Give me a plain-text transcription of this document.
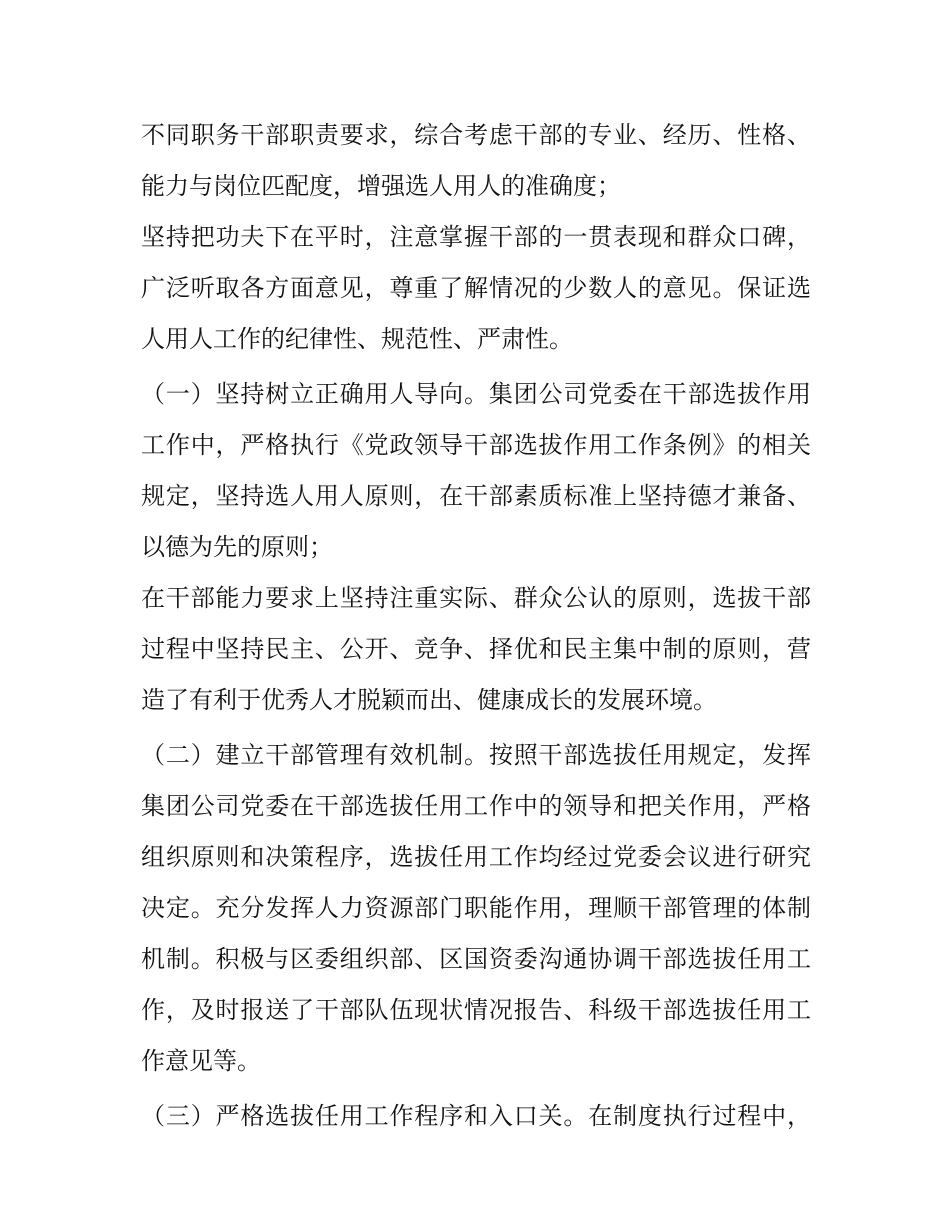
不同职务干部职责要求，综合考虑干部的专业、经历、性格、
能力与岗位匹配度，增强选人用人的准确度；
坚持把功夫下在平时，注意掌握干部的一贯表现和群众口碑，
广泛听取各方面意见，尊重了解情况的少数人的意见。保证选
人用人工作的纪律性、规范性、严肃性。
（一）坚持树立正确用人导向。集团公司党委在干部选拔作用
工作中，严格执行《党政领导干部选拔作用工作条例》的相关
规定，坚持选人用人原则，在干部素质标准上坚持德才兼备、
以德为先的原则；
在干部能力要求上坚持注重实际、群众公认的原则，选拔干部
过程中坚持民主、公开、竞争、择优和民主集中制的原则，营
造了有利于优秀人才脱颖而出、健康成长的发展环境。
（二）建立干部管理有效机制。按照干部选拔任用规定，发挥
集团公司党委在干部选拔任用工作中的领导和把关作用，严格
组织原则和决策程序，选拔任用工作均经过党委会议进行研究
决定。充分发挥人力资源部门职能作用，理顺干部管理的体制
机制。积极与区委组织部、区国资委沟通协调干部选拔任用工
作，及时报送了干部队伍现状情况报告、科级干部选拔任用工
作意见等。
（三）严格选拔任用工作程序和入口关。在制度执行过程中，
